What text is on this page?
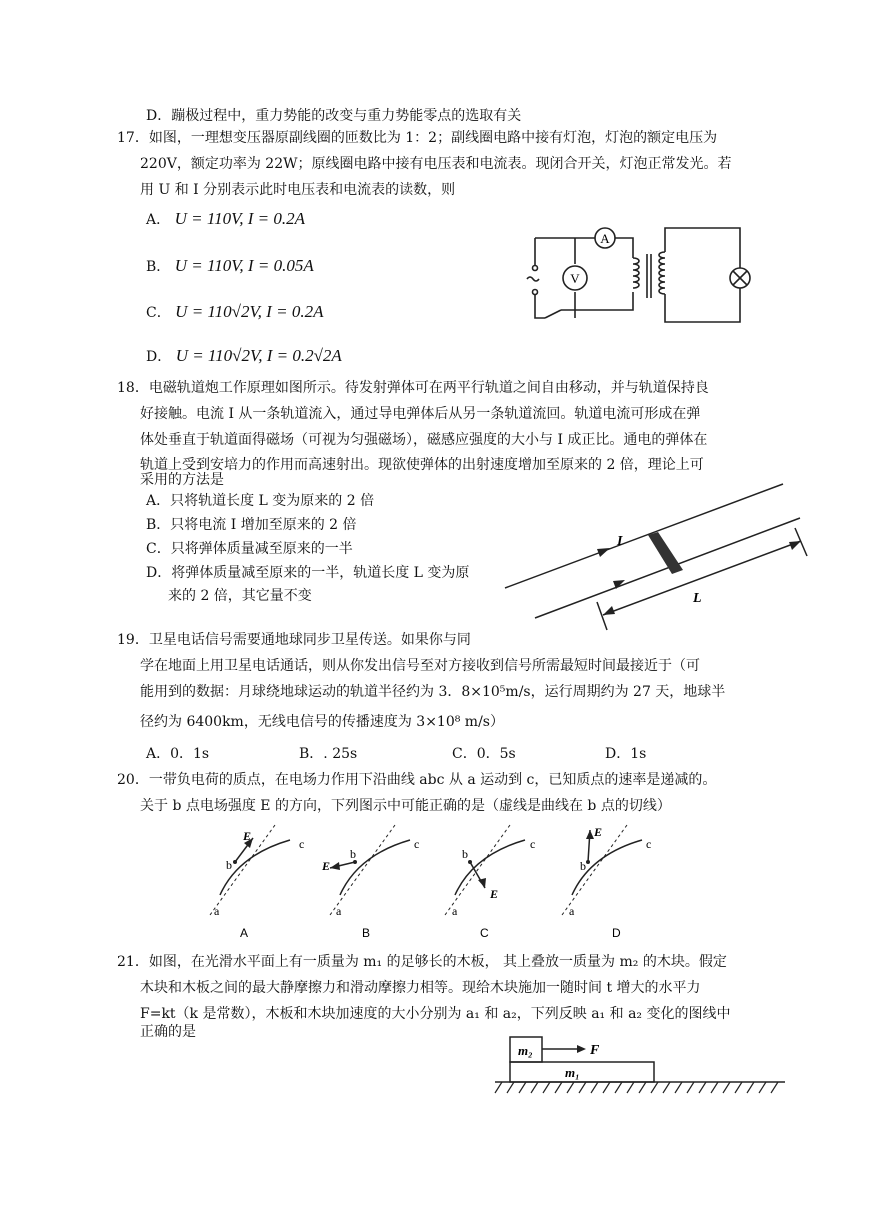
D．蹦极过程中，重力势能的改变与重力势能零点的选取有关
17．如图，一理想变压器原副线圈的匝数比为 1：2；副线圈电路中接有灯泡，灯泡的额定电压为
220V，额定功率为 22W；原线圈电路中接有电压表和电流表。现闭合开关，灯泡正常发光。若
用 U 和 I 分别表示此时电压表和电流表的读数，则
A． U = 110V, I = 0.2A
B． U = 110V, I = 0.05A
C． U = 110√2V, I = 0.2A
D． U = 110√2V, I = 0.2√2A
A
V
18．电磁轨道炮工作原理如图所示。待发射弹体可在两平行轨道之间自由移动，并与轨道保持良
好接触。电流 I 从一条轨道流入，通过导电弹体后从另一条轨道流回。轨道电流可形成在弹
体处垂直于轨道面得磁场（可视为匀强磁场），磁感应强度的大小与 I 成正比。通电的弹体在
轨道上受到安培力的作用而高速射出。现欲使弹体的出射速度增加至原来的 2 倍，理论上可
采用的方法是
A．只将轨道长度 L 变为原来的 2 倍
B．只将电流 I 增加至原来的 2 倍
C．只将弹体质量减至原来的一半
D．将弹体质量减至原来的一半，轨道长度 L 变为原
来的 2 倍，其它量不变
I
L
19．卫星电话信号需要通地球同步卫星传送。如果你与同
学在地面上用卫星电话通话，则从你发出信号至对方接收到信号所需最短时间最接近于（可
能用到的数据：月球绕地球运动的轨道半径约为 3．8×10⁵m/s，运行周期约为 27 天，地球半
径约为 6400km，无线电信号的传播速度为 3×10⁸ m/s）
A．0．1s	B．. 25s	C．0．5s	D．1s
20．一带负电荷的质点，在电场力作用下沿曲线 abc 从 a 运动到 c，已知质点的速率是递减的。
关于 b 点电场强度 E 的方向，下列图示中可能正确的是（虚线是曲线在 b 点的切线）
E
b
c
a
A
E
b
c
a
B
E
b
c
a
C
E
b
c
a
D
21．如图，在光滑水平面上有一质量为 m₁ 的足够长的木板， 其上叠放一质量为 m₂ 的木块。假定
木块和木板之间的最大静摩擦力和滑动摩擦力相等。现给木块施加一随时间 t 增大的水平力
F=kt（k 是常数），木板和木块加速度的大小分别为 a₁ 和 a₂，下列反映 a₁ 和 a₂ 变化的图线中
正确的是
m₂	F
m₁
